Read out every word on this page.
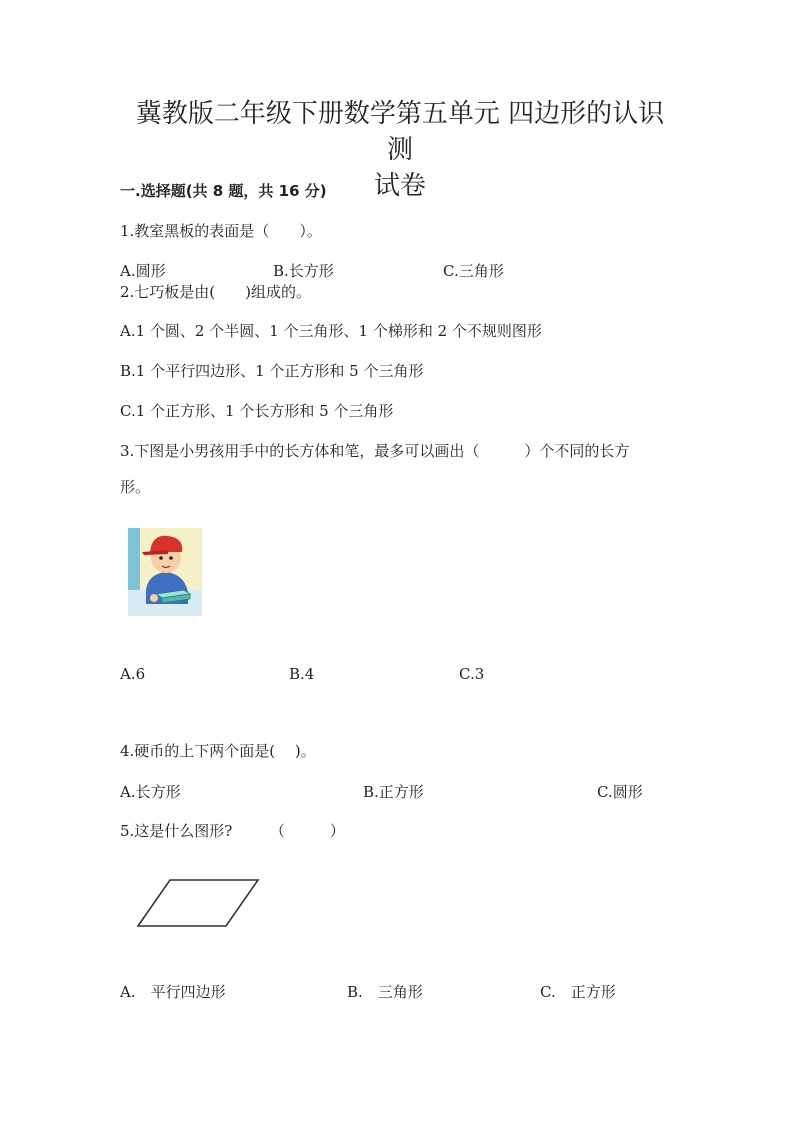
冀教版二年级下册数学第五单元 四边形的认识 测
试卷
一.选择题(共 8 题，共 16 分)
1.教室黑板的表面是（　　）。
A.圆形	B.长方形	C.三角形
2.七巧板是由(　　)组成的。
A.1 个圆、2 个半圆、1 个三角形、1 个梯形和 2 个不规则图形
B.1 个平行四边形、1 个正方形和 5 个三角形
C.1 个正方形、1 个长方形和 5 个三角形
3.下图是小男孩用手中的长方体和笔，最多可以画出（　　　）个不同的长方
形。
A.6	B.4	C.3
4.硬币的上下两个面是(　 )。
A.长方形	B.正方形	C.圆形
5.这是什么图形?　　　（　　　）
A.　平行四边形	B.　三角形	C.　正方形
